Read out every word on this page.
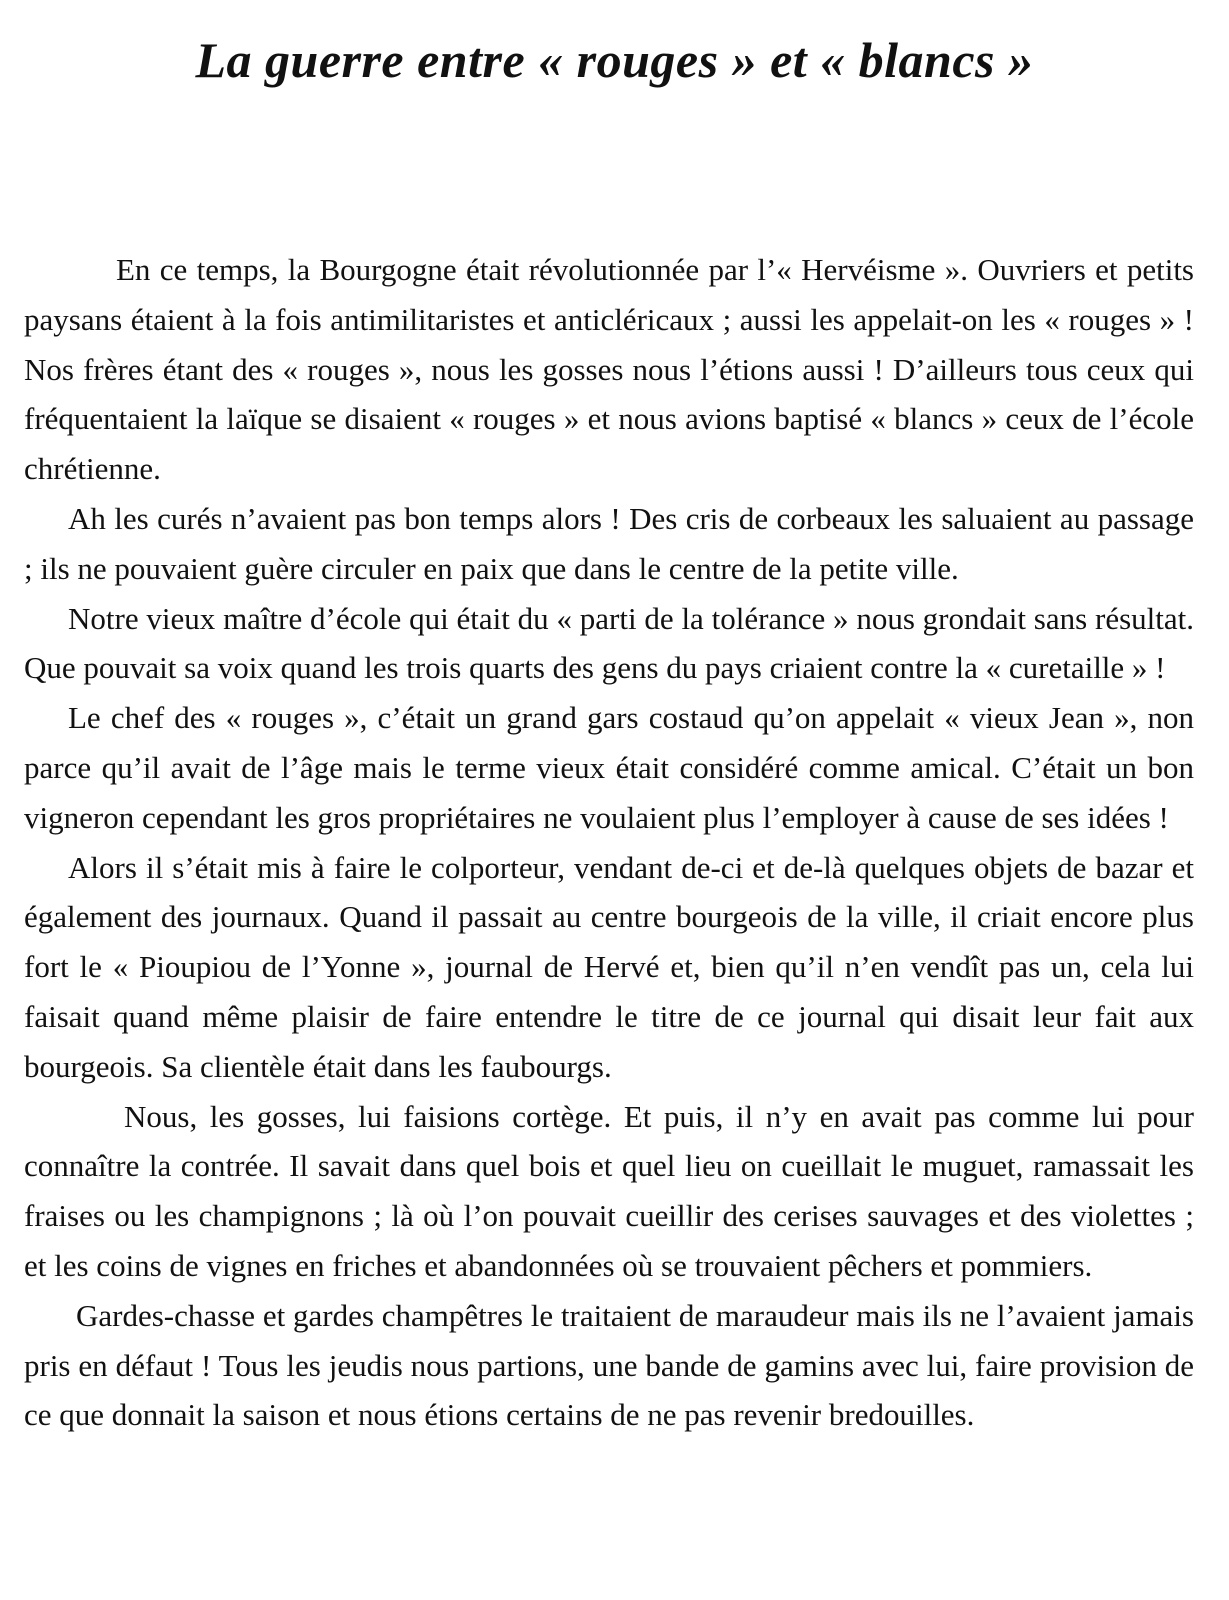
La guerre entre « rouges » et « blancs »

En ce temps, la Bourgogne était révolutionnée par l’« Hervéisme ». Ouvriers et petits paysans étaient à la fois antimilitaristes et anticléricaux ; aussi les appelait-on les « rouges » ! Nos frères étant des « rouges », nous les gosses nous l’étions aussi ! D’ailleurs tous ceux qui fréquentaient la laïque se disaient « rouges » et nous avions baptisé « blancs » ceux de l’école chrétienne.

Ah les curés n’avaient pas bon temps alors ! Des cris de corbeaux les saluaient au passage ; ils ne pouvaient guère circuler en paix que dans le centre de la petite ville.

Notre vieux maître d’école qui était du « parti de la tolérance » nous grondait sans résultat. Que pouvait sa voix quand les trois quarts des gens du pays criaient contre la « curetaille » !

Le chef des « rouges », c’était un grand gars costaud qu’on appelait « vieux Jean », non parce qu’il avait de l’âge mais le terme vieux était considéré comme amical. C’était un bon vigneron cependant les gros propriétaires ne voulaient plus l’employer à cause de ses idées !

Alors il s’était mis à faire le colporteur, vendant de-ci et de-là quelques objets de bazar et également des journaux. Quand il passait au centre bourgeois de la ville, il criait encore plus fort le « Pioupiou de l’Yonne », journal de Hervé et, bien qu’il n’en vendît pas un, cela lui faisait quand même plaisir de faire entendre le titre de ce journal qui disait leur fait aux bourgeois. Sa clientèle était dans les faubourgs.

Nous, les gosses, lui faisions cortège. Et puis, il n’y en avait pas comme lui pour connaître la contrée. Il savait dans quel bois et quel lieu on cueillait le muguet, ramassait les fraises ou les champignons ; là où l’on pouvait cueillir des cerises sauvages et des violettes ; et les coins de vignes en friches et abandonnées où se trouvaient pêchers et pommiers.

Gardes-chasse et gardes champêtres le traitaient de maraudeur mais ils ne l’avaient jamais pris en défaut ! Tous les jeudis nous partions, une bande de gamins avec lui, faire provision de ce que donnait la saison et nous étions certains de ne pas revenir bredouilles.
